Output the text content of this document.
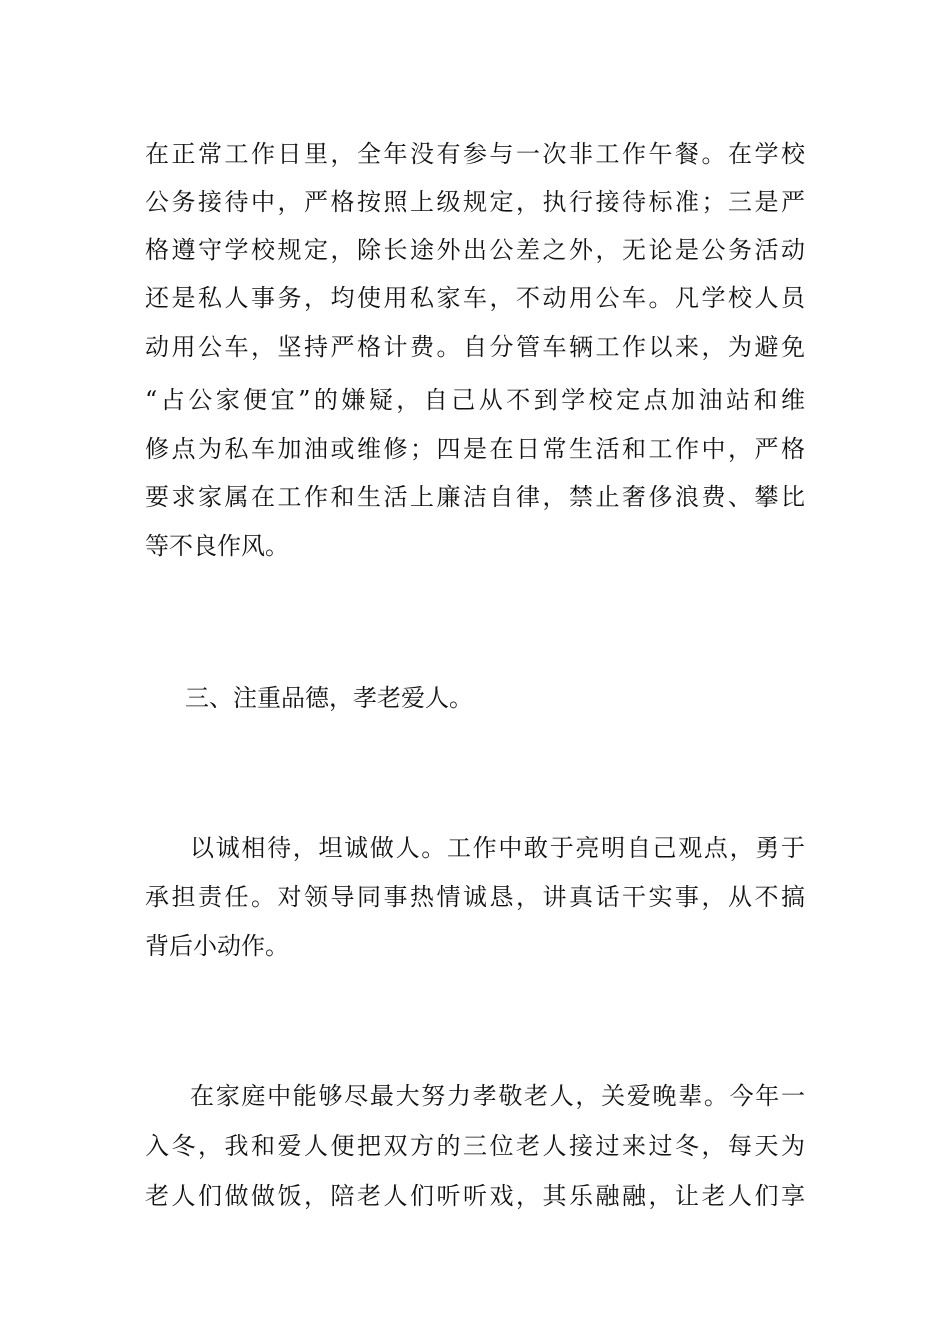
在正常工作日里，全年没有参与一次非工作午餐。在学校
公务接待中，严格按照上级规定，执行接待标准；三是严
格遵守学校规定，除长途外出公差之外，无论是公务活动
还是私人事务，均使用私家车，不动用公车。凡学校人员
动用公车，坚持严格计费。自分管车辆工作以来，为避免
“占公家便宜”的嫌疑，自己从不到学校定点加油站和维
修点为私车加油或维修；四是在日常生活和工作中，严格
要求家属在工作和生活上廉洁自律，禁止奢侈浪费、攀比
等不良作风。
三、注重品德，孝老爱人。
以诚相待，坦诚做人。工作中敢于亮明自己观点，勇于
承担责任。对领导同事热情诚恳，讲真话干实事，从不搞
背后小动作。
在家庭中能够尽最大努力孝敬老人，关爱晚辈。今年一
入冬，我和爱人便把双方的三位老人接过来过冬，每天为
老人们做做饭，陪老人们听听戏，其乐融融，让老人们享
